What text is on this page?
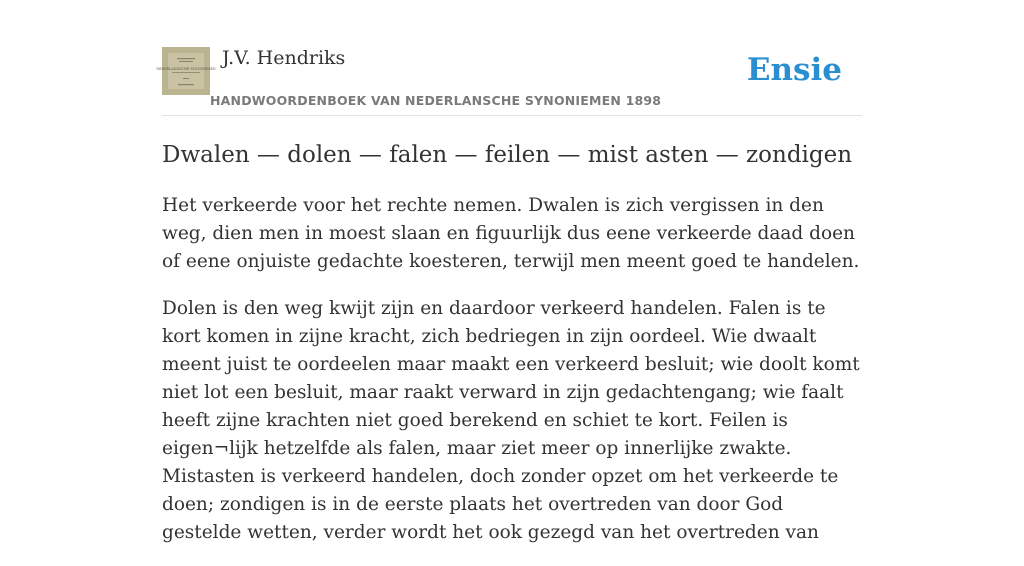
NEDERLANDSCHE SYNONIEMEN J.V. Hendriks
HANDWOORDENBOEK VAN NEDERLANSCHE SYNONIEMEN 1898
Ensie
Dwalen — dolen — falen — feilen — mist asten — zondigen

Het verkeerde voor het rechte nemen. Dwalen is zich vergissen in den weg, dien men in moest slaan en figuurlijk dus eene verkeerde daad doen of eene onjuiste gedachte koesteren, terwijl men meent goed te handelen.

Dolen is den weg kwijt zijn en daardoor verkeerd handelen. Falen is te kort komen in zijne kracht, zich bedriegen in zijn oordeel. Wie dwaalt meent juist te oordeelen maar maakt een verkeerd besluit; wie doolt komt niet lot een besluit, maar raakt verward in zijn gedachtengang; wie faalt heeft zijne krachten niet goed berekend en schiet te kort. Feilen is eigen¬lijk hetzelfde als falen, maar ziet meer op innerlijke zwakte. Mistasten is verkeerd handelen, doch zonder opzet om het verkeerde te doen; zondigen is in de eerste plaats het overtreden van door God gestelde wetten, verder wordt het ook gezegd van het overtreden van
